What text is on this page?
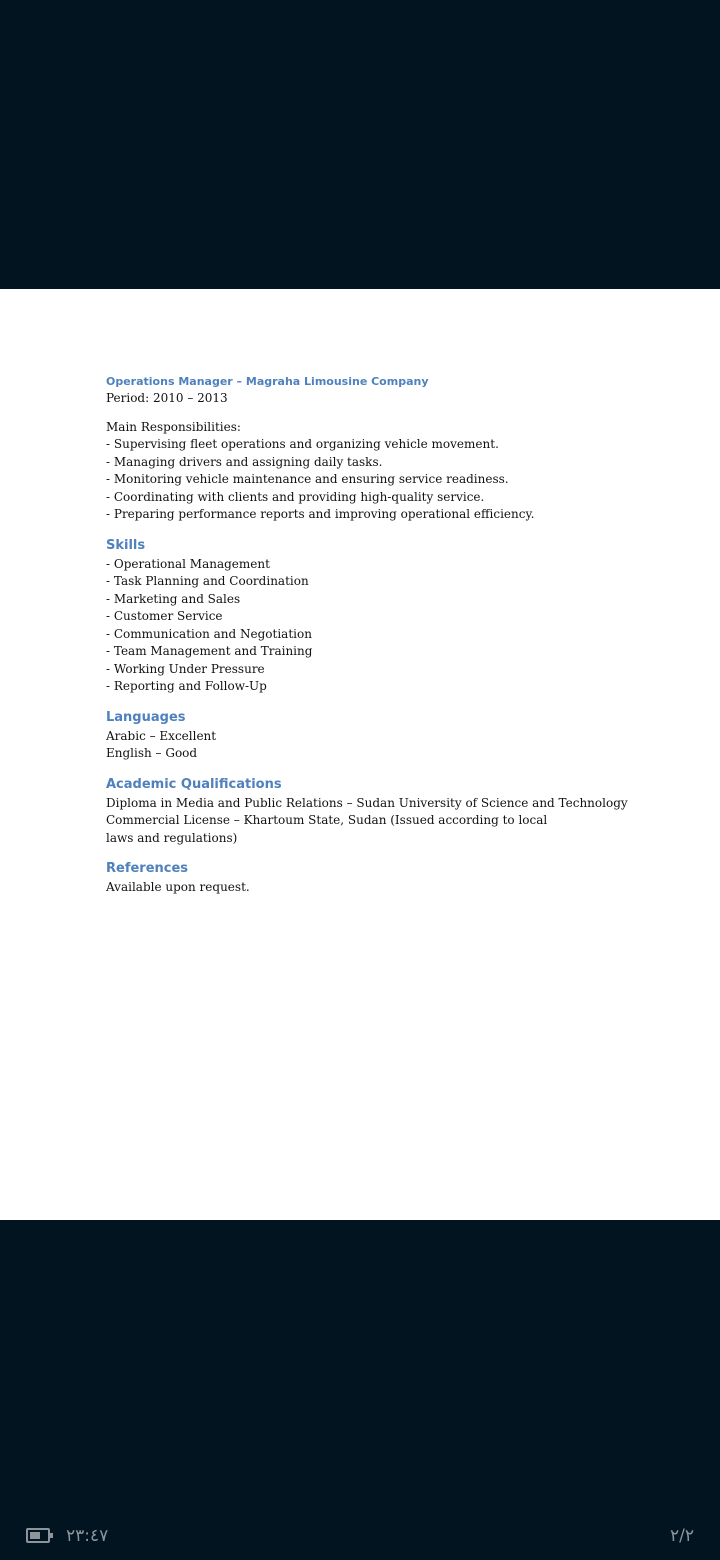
Operations Manager – Magraha Limousine Company
Period: 2010 – 2013
Main Responsibilities:
- Supervising fleet operations and organizing vehicle movement.
- Managing drivers and assigning daily tasks.
- Monitoring vehicle maintenance and ensuring service readiness.
- Coordinating with clients and providing high-quality service.
- Preparing performance reports and improving operational efficiency.
Skills
- Operational Management
- Task Planning and Coordination
- Marketing and Sales
- Customer Service
- Communication and Negotiation
- Team Management and Training
- Working Under Pressure
- Reporting and Follow-Up
Languages
Arabic – Excellent
English – Good
Academic Qualifications
Diploma in Media and Public Relations – Sudan University of Science and Technology
Commercial License – Khartoum State, Sudan (Issued according to local laws and regulations)
References
Available upon request.
٢٣:٤٧	٢/٢
